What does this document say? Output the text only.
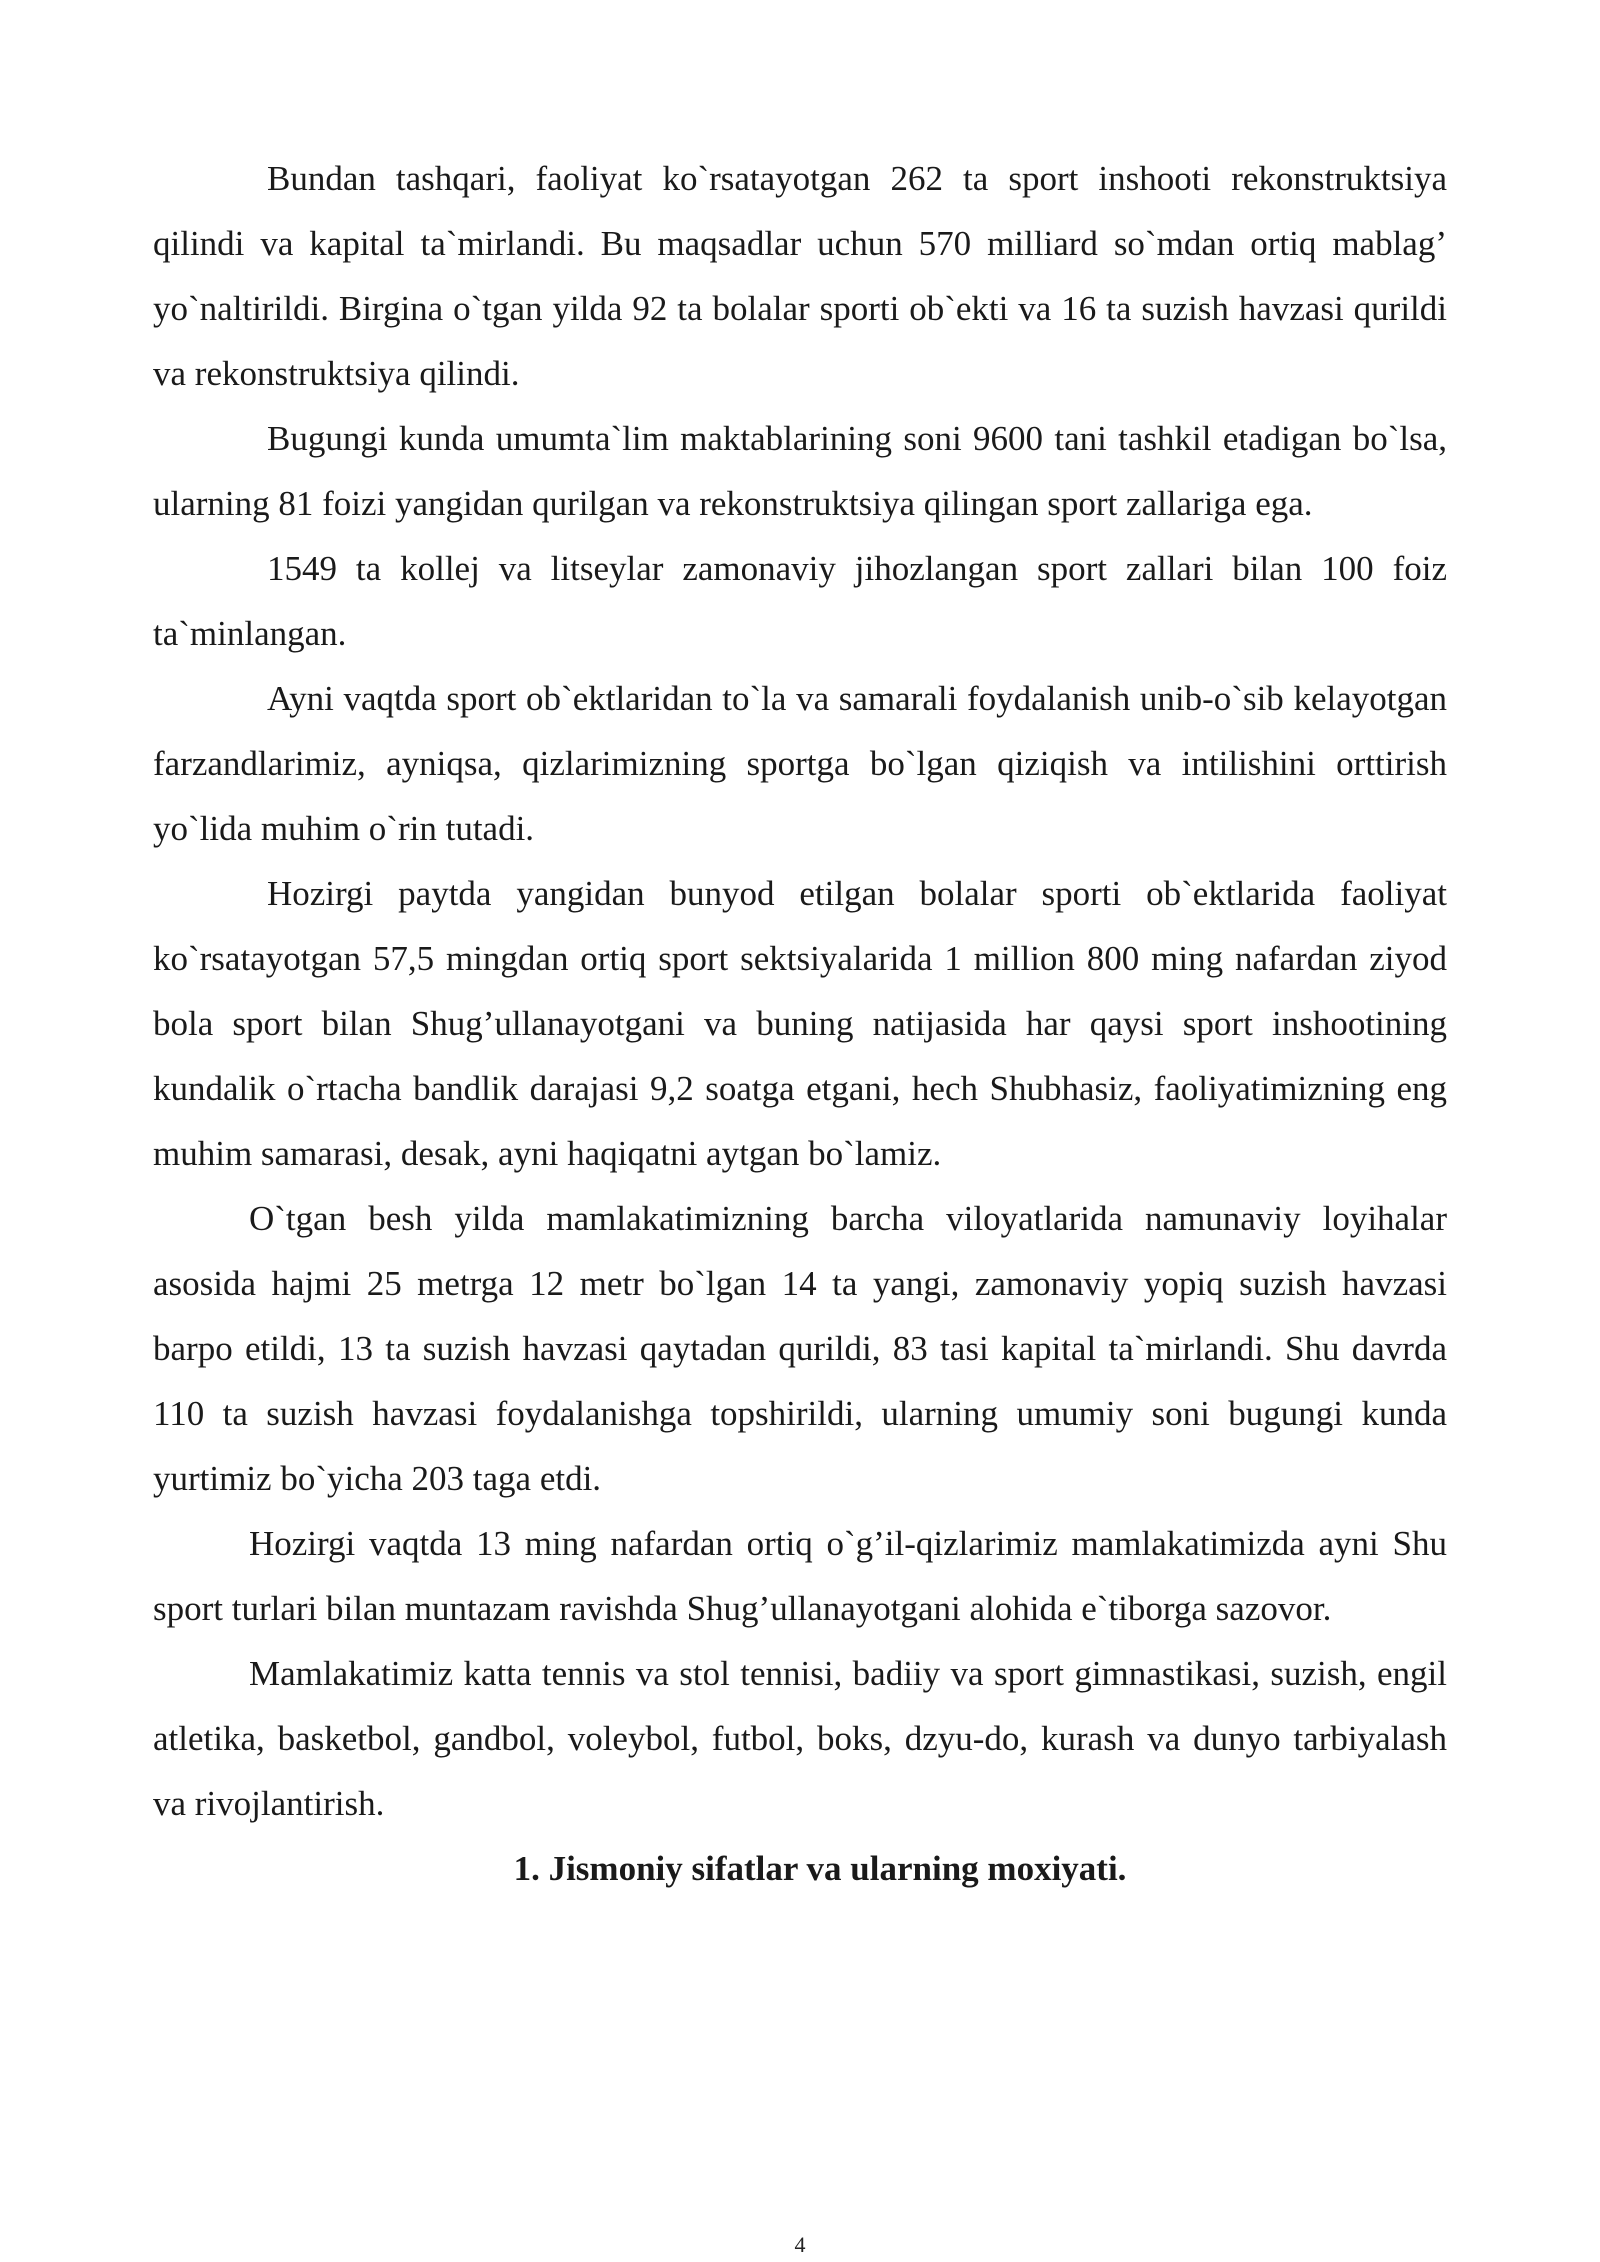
Bundan tashqari, faoliyat ko`rsatayotgan 262 ta sport inshooti rekonstruktsiya qilindi va kapital ta`mirlandi. Bu maqsadlar uchun 570 milliard so`mdan ortiq mablag’ yo`naltirildi. Birgina o`tgan yilda 92 ta bolalar sporti ob`ekti va 16 ta suzish havzasi qurildi va rekonstruktsiya qilindi.

Bugungi kunda umumta`lim maktablarining soni 9600 tani tashkil etadigan bo`lsa, ularning 81 foizi yangidan qurilgan va rekonstruktsiya qilingan sport zallariga ega.

1549 ta kollej va litseylar zamonaviy jihozlangan sport zallari bilan 100 foiz ta`minlangan.

Ayni vaqtda sport ob`ektlaridan to`la va samarali foydalanish unib-o`sib kelayotgan farzandlarimiz, ayniqsa, qizlarimizning sportga bo`lgan qiziqish va intilishini orttirish yo`lida muhim o`rin tutadi.

Hozirgi paytda yangidan bunyod etilgan bolalar sporti ob`ektlarida faoliyat ko`rsatayotgan 57,5 mingdan ortiq sport sektsiyalarida 1 million 800 ming nafardan ziyod bola sport bilan Shug’ullanayotgani va buning natijasida har qaysi sport inshootining kundalik o`rtacha bandlik darajasi 9,2 soatga etgani, hech Shubhasiz, faoliyatimizning eng muhim samarasi, desak, ayni haqiqatni aytgan bo`lamiz.

O`tgan besh yilda mamlakatimizning barcha viloyatlarida namunaviy loyihalar asosida hajmi 25 metrga 12 metr bo`lgan 14 ta yangi, zamonaviy yopiq suzish havzasi barpo etildi, 13 ta suzish havzasi qaytadan qurildi, 83 tasi kapital ta`mirlandi. Shu davrda 110 ta suzish havzasi foydalanishga topshirildi, ularning umumiy soni bugungi kunda yurtimiz bo`yicha 203 taga etdi.

Hozirgi vaqtda 13 ming nafardan ortiq o`g’il-qizlarimiz mamlakatimizda ayni Shu sport turlari bilan muntazam ravishda Shug’ullanayotgani alohida e`tiborga sazovor.

Mamlakatimiz katta tennis va stol tennisi, badiiy va sport gimnastikasi, suzish, engil atletika, basketbol, gandbol, voleybol, futbol, boks, dzyu-do, kurash va dunyo tarbiyalash va rivojlantirish.

1. Jismoniy sifatlar va ularning moxiyati.

4
